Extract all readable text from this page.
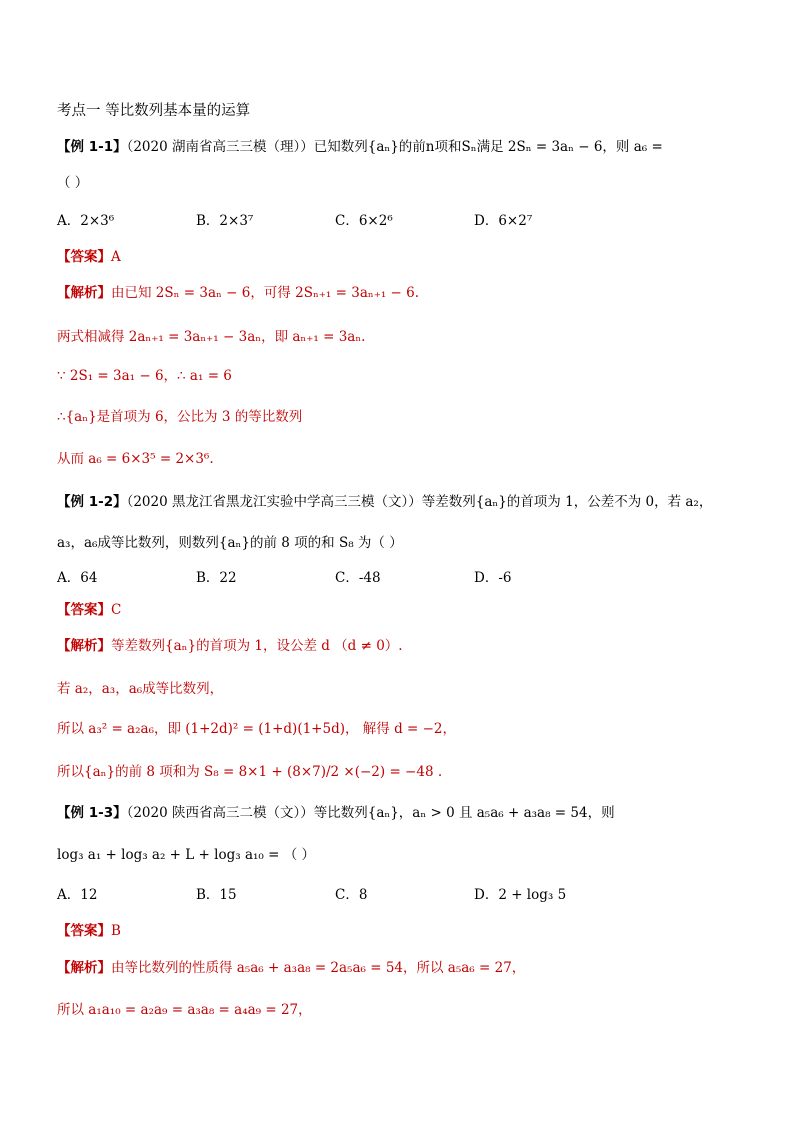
考点一 等比数列基本量的运算
【例 1-1】（2020 湖南省高三三模（理））已知数列{aₙ}的前n项和Sₙ满足 2Sₙ = 3aₙ − 6，则 a₆ =
（ ）
A．2×3⁶	B．2×3⁷	C．6×2⁶	D．6×2⁷
【答案】A
【解析】由已知 2Sₙ = 3aₙ − 6，可得 2Sₙ₊₁ = 3aₙ₊₁ − 6.
两式相减得 2aₙ₊₁ = 3aₙ₊₁ − 3aₙ，即 aₙ₊₁ = 3aₙ.
∵ 2S₁ = 3a₁ − 6，∴ a₁ = 6
∴{aₙ}是首项为 6，公比为 3 的等比数列
从而 a₆ = 6×3⁵ = 2×3⁶.
【例 1-2】（2020 黑龙江省黑龙江实验中学高三三模（文））等差数列{aₙ}的首项为 1，公差不为 0，若 a₂，
a₃，a₆成等比数列，则数列{aₙ}的前 8 项的和 S₈ 为（ ）
A．64	B．22	C．-48	D．-6
【答案】C
【解析】等差数列{aₙ}的首项为 1，设公差 d （d ≠ 0）.
若 a₂，a₃，a₆成等比数列，
所以 a₃² = a₂a₆，即 (1+2d)² = (1+d)(1+5d)， 解得 d = −2，
所以{aₙ}的前 8 项和为 S₈ = 8×1 + (8×7)/2 ×(−2) = −48 .
【例 1-3】（2020 陕西省高三二模（文））等比数列{aₙ}，aₙ > 0 且 a₅a₆ + a₃a₈ = 54，则
log₃ a₁ + log₃ a₂ + L + log₃ a₁₀ = （ ）
A．12	B．15	C．8	D．2 + log₃ 5
【答案】B
【解析】由等比数列的性质得 a₅a₆ + a₃a₈ = 2a₅a₆ = 54，所以 a₅a₆ = 27，
所以 a₁a₁₀ = a₂a₉ = a₃a₈ = a₄a₉ = 27，
